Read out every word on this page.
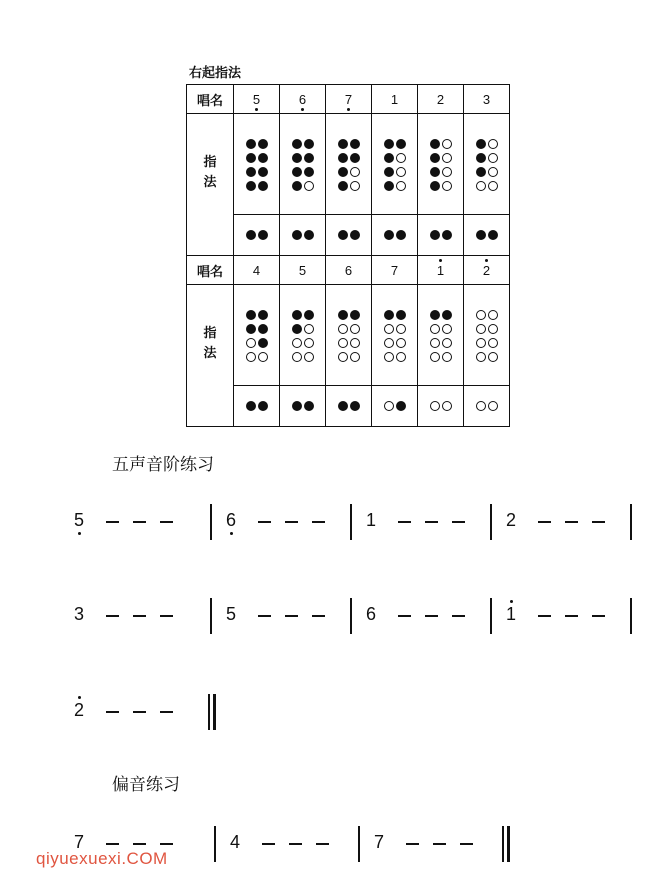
右起指法
唱名	5	6	7	1	2	3
指法	

唱名	4	5	6	7	1	2
指法	

五声音阶练习
5	6	1	2
3	5	6	1
2
偏音练习
7	4	7
qiyuexuexi.COM
